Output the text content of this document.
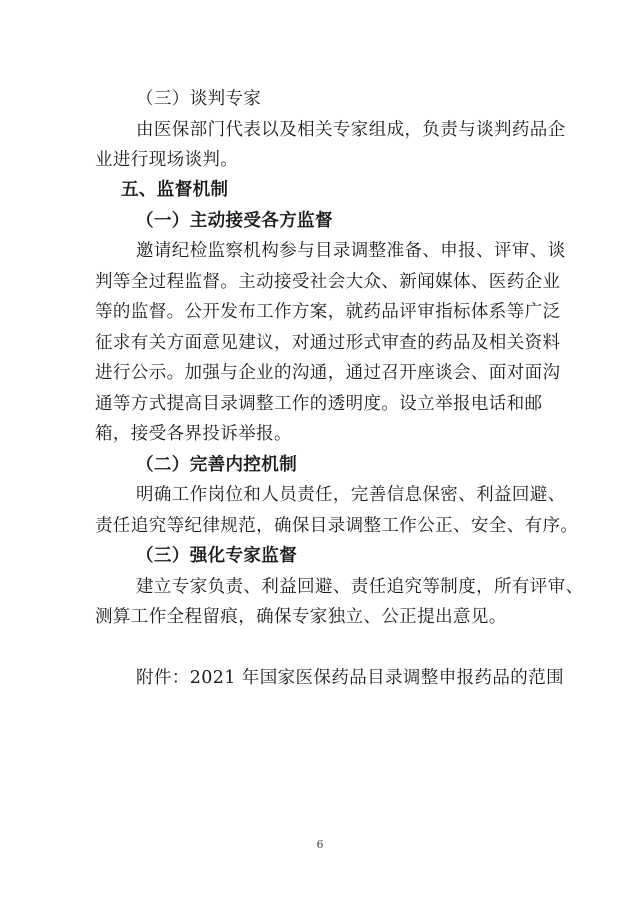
（三）谈判专家
由医保部门代表以及相关专家组成，负责与谈判药品企
业进行现场谈判。
五、监督机制
（一）主动接受各方监督
邀请纪检监察机构参与目录调整准备、申报、评审、谈
判等全过程监督。主动接受社会大众、新闻媒体、医药企业
等的监督。公开发布工作方案，就药品评审指标体系等广泛
征求有关方面意见建议，对通过形式审查的药品及相关资料
进行公示。加强与企业的沟通，通过召开座谈会、面对面沟
通等方式提高目录调整工作的透明度。设立举报电话和邮
箱，接受各界投诉举报。
（二）完善内控机制
明确工作岗位和人员责任，完善信息保密、利益回避、
责任追究等纪律规范，确保目录调整工作公正、安全、有序。
（三）强化专家监督
建立专家负责、利益回避、责任追究等制度，所有评审、
测算工作全程留痕，确保专家独立、公正提出意见。
附件：2021 年国家医保药品目录调整申报药品的范围
6
